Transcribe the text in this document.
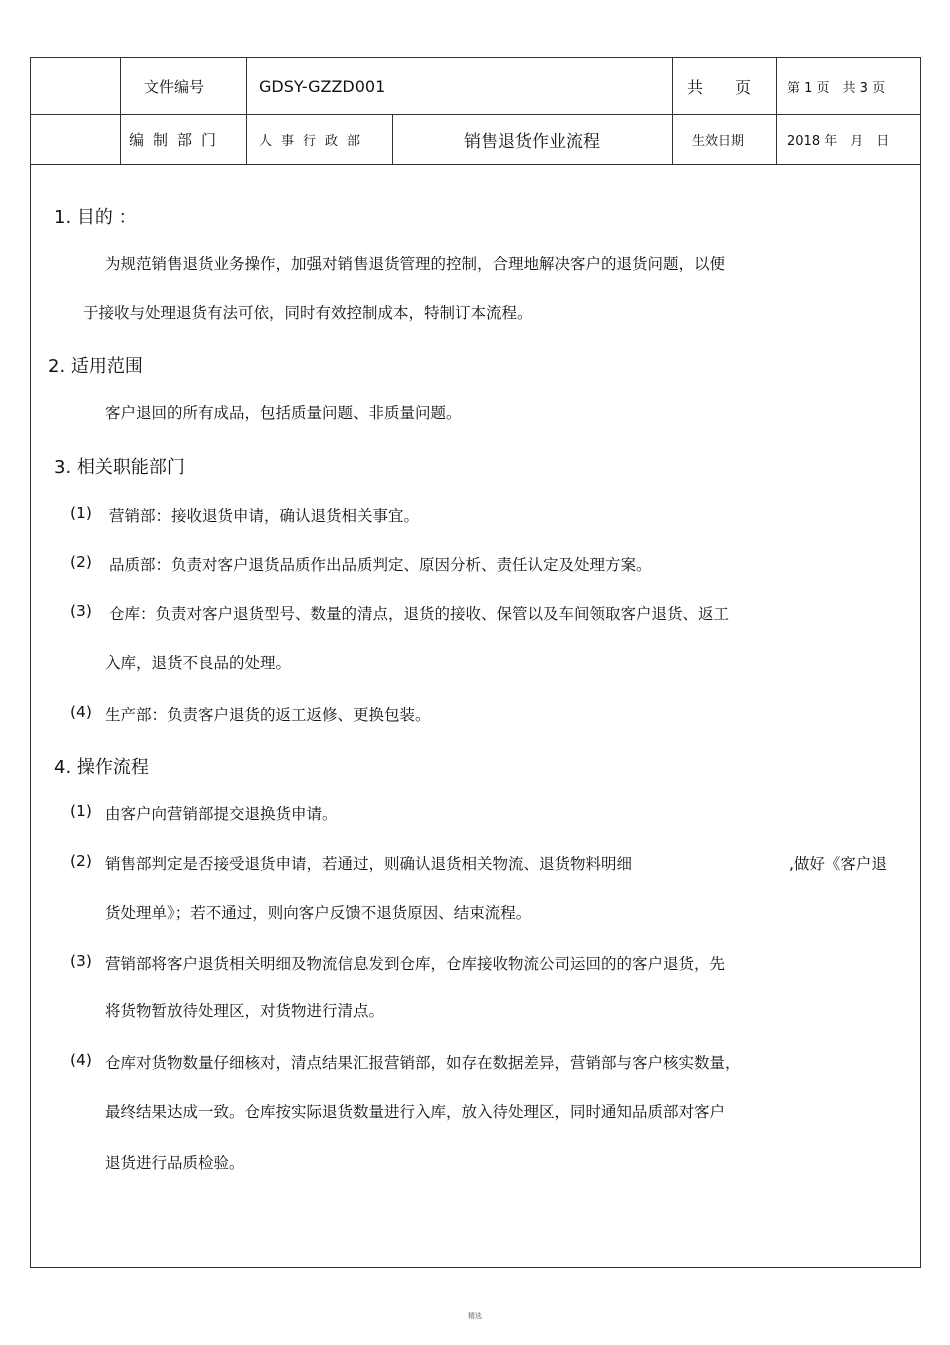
文件编号	GDSY-GZZD001	共　　页	第 1 页　共 3 页
编制部门	人事行政部	销售退货作业流程	生效日期	2018 年　月　日
1. 目的 ：
为规范销售退货业务操作，加强对销售退货管理的控制，合理地解决客户的退货问题，以便
于接收与处理退货有法可依，同时有效控制成本，特制订本流程。
2. 适用范围
客户退回的所有成品，包括质量问题、非质量问题。
3. 相关职能部门
(1) 营销部：接收退货申请，确认退货相关事宜。
(2) 品质部：负责对客户退货品质作出品质判定、原因分析、责任认定及处理方案。
(3) 仓库：负责对客户退货型号、数量的清点，退货的接收、保管以及车间领取客户退货、返工
入库，退货不良品的处理。
(4) 生产部：负责客户退货的返工返修、更换包装。
4. 操作流程
(1) 由客户向营销部提交退换货申请。
(2) 销售部判定是否接受退货申请，若通过，则确认退货相关物流、退货物料明细	,做好《客户退
货处理单》；若不通过，则向客户反馈不退货原因、结束流程。
(3) 营销部将客户退货相关明细及物流信息发到仓库，仓库接收物流公司运回的的客户退货，先
将货物暂放待处理区，对货物进行清点。
(4) 仓库对货物数量仔细核对，清点结果汇报营销部，如存在数据差异，营销部与客户核实数量，
最终结果达成一致。仓库按实际退货数量进行入库，放入待处理区，同时通知品质部对客户
退货进行品质检验。
精选
